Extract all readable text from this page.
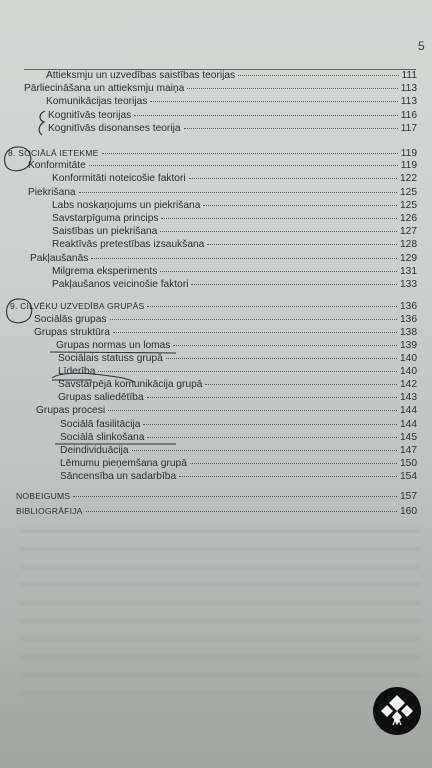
5
Attieksmju un uzvedības saistības teorijas	111
Pārliecināšana un attieksmju maiņa	113
Komunikācijas teorijas	113
Kognitīvās teorijas	116
Kognitīvās disonanses teorija	117
8. SOCIĀLĀ IETEKME	119
Konformitāte	119
Konformitāti noteicošie faktori	122
Piekrišana	125
Labs noskaņojums un piekrišana	125
Savstarpīguma princips	126
Saistības un piekrišana	127
Reaktīvās pretestības izsaukšana	128
Pakļaušanās	129
Milgrema eksperiments	131
Pakļaušanos veicinošie faktori	133
9. CILVĒKU UZVEDĪBA GRUPĀS	136
Sociālās grupas	136
Grupas struktūra	138
Grupas normas un lomas	139
Sociālais statuss grupā	140
Līderība	140
Savstarpējā komunikācija grupā	142
Grupas saliedētība	143
Grupas procesi	144
Sociālā fasilitācija	144
Sociālā slinkošana	145
Deindividuācija	147
Lēmumu pieņemšana grupā	150
Sāncensība un sadarbība	154
NOBEIGUMS	157
BIBLIOGRĀFIJA	160
